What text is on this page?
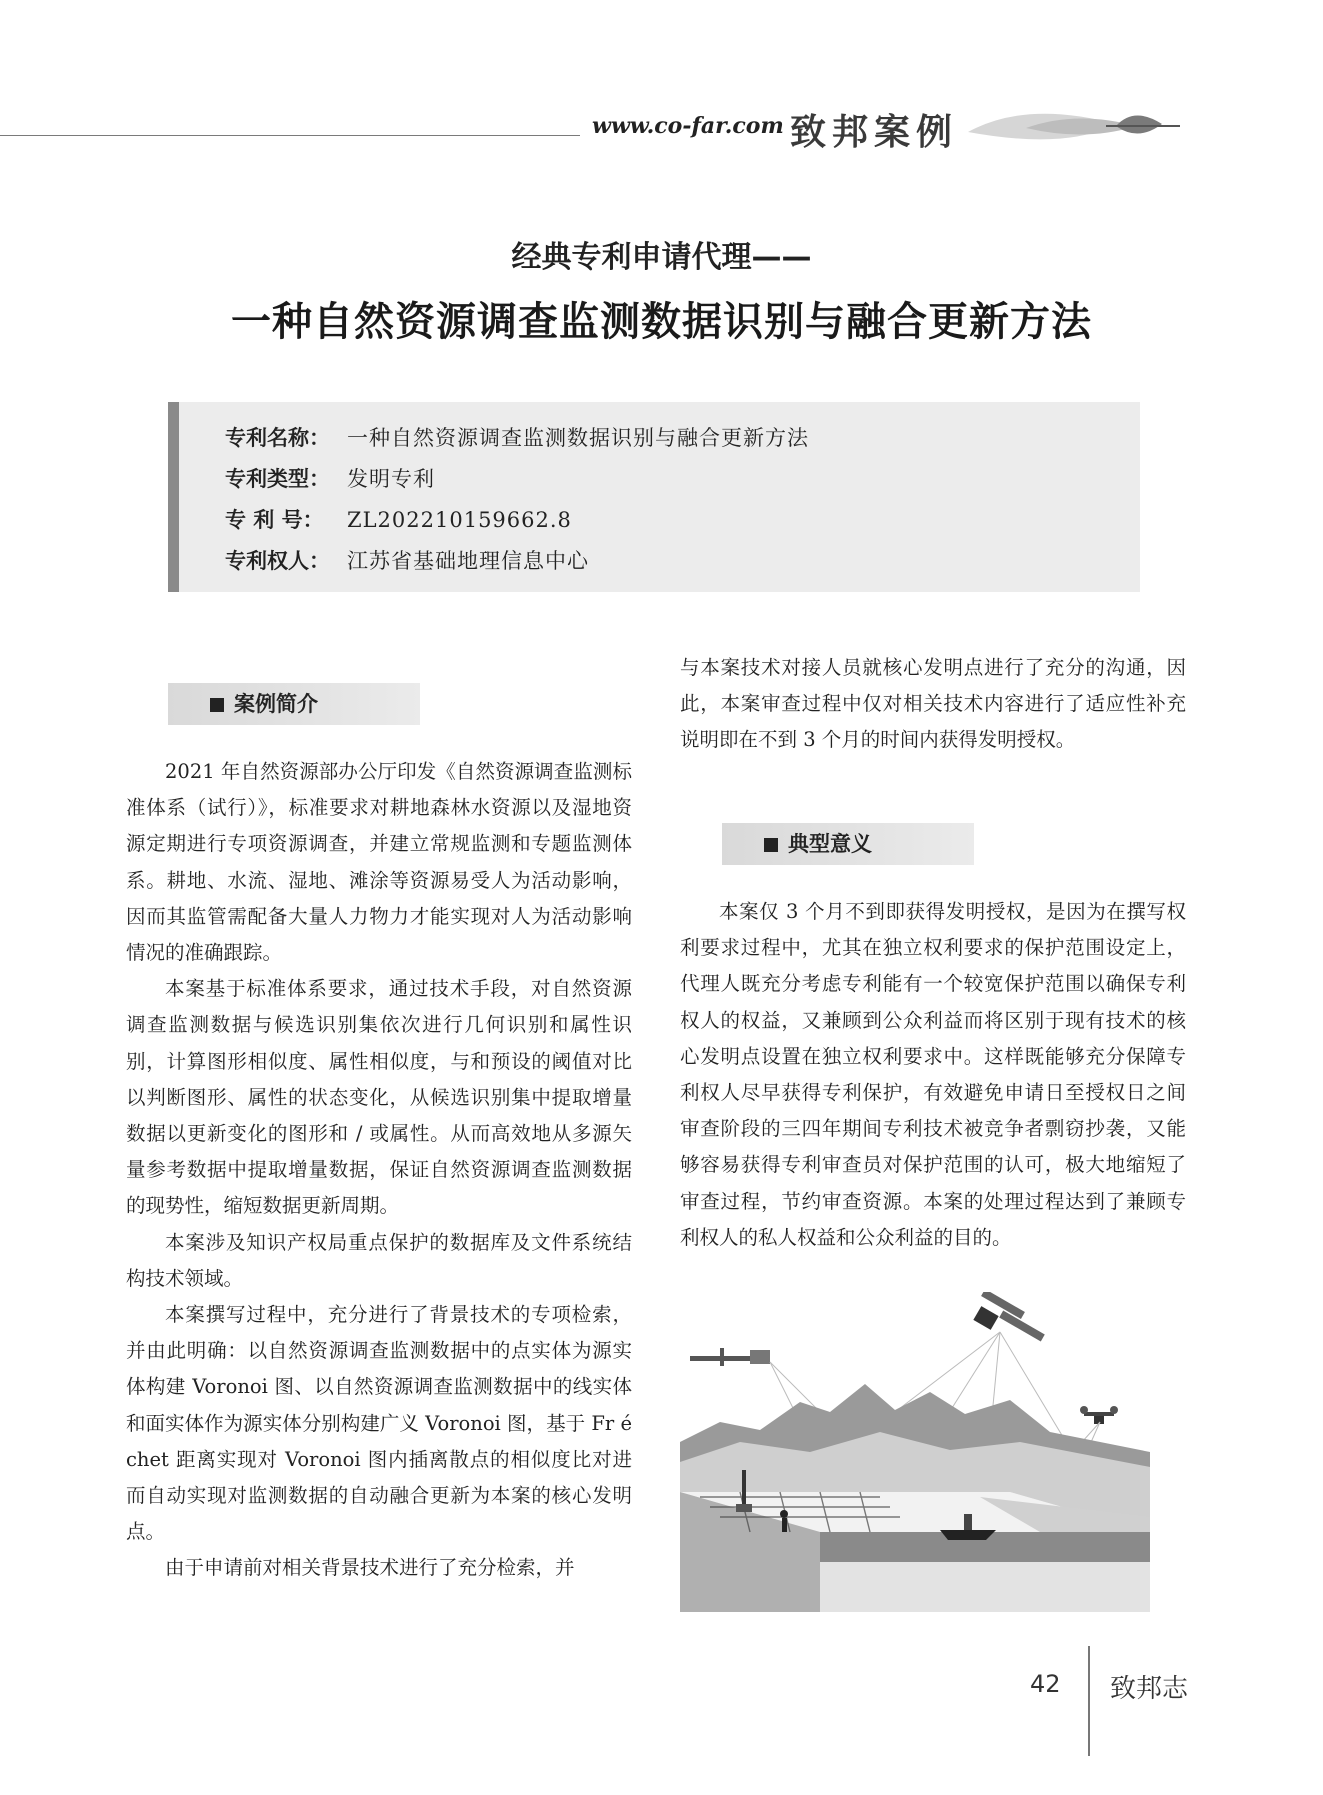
www.co-far.com 致邦案例
经典专利申请代理——
一种自然资源调查监测数据识别与融合更新方法
专利名称： 一种自然资源调查监测数据识别与融合更新方法
专利类型： 发明专利
专 利 号： ZL202210159662.8
专利权人： 江苏省基础地理信息中心
案例简介

2021 年自然资源部办公厅印发《自然资源调查监测标准体系（试行）》，标准要求对耕地森林水资源以及湿地资源定期进行专项资源调查，并建立常规监测和专题监测体系。耕地、水流、湿地、滩涂等资源易受人为活动影响，因而其监管需配备大量人力物力才能实现对人为活动影响情况的准确跟踪。

本案基于标准体系要求，通过技术手段，对自然资源调查监测数据与候选识别集依次进行几何识别和属性识别，计算图形相似度、属性相似度，与和预设的阈值对比以判断图形、属性的状态变化，从候选识别集中提取增量数据以更新变化的图形和 / 或属性。从而高效地从多源矢量参考数据中提取增量数据，保证自然资源调查监测数据的现势性，缩短数据更新周期。

本案涉及知识产权局重点保护的数据库及文件系统结构技术领域。

本案撰写过程中，充分进行了背景技术的专项检索，并由此明确：以自然资源调查监测数据中的点实体为源实体构建 Voronoi 图、以自然资源调查监测数据中的线实体和面实体作为源实体分别构建广义 Voronoi 图，基于 Fr é chet 距离实现对 Voronoi 图内插离散点的相似度比对进而自动实现对监测数据的自动融合更新为本案的核心发明点。

由于申请前对相关背景技术进行了充分检索，并

与本案技术对接人员就核心发明点进行了充分的沟通，因此，本案审查过程中仅对相关技术内容进行了适应性补充说明即在不到 3 个月的时间内获得发明授权。

典型意义

本案仅 3 个月不到即获得发明授权，是因为在撰写权利要求过程中，尤其在独立权利要求的保护范围设定上，代理人既充分考虑专利能有一个较宽保护范围以确保专利权人的权益，又兼顾到公众利益而将区别于现有技术的核心发明点设置在独立权利要求中。这样既能够充分保障专利权人尽早获得专利保护，有效避免申请日至授权日之间审查阶段的三四年期间专利技术被竞争者剽窃抄袭，又能够容易获得专利审查员对保护范围的认可，极大地缩短了审查过程，节约审查资源。本案的处理过程达到了兼顾专利权人的私人权益和公众利益的目的。

42 致邦志
